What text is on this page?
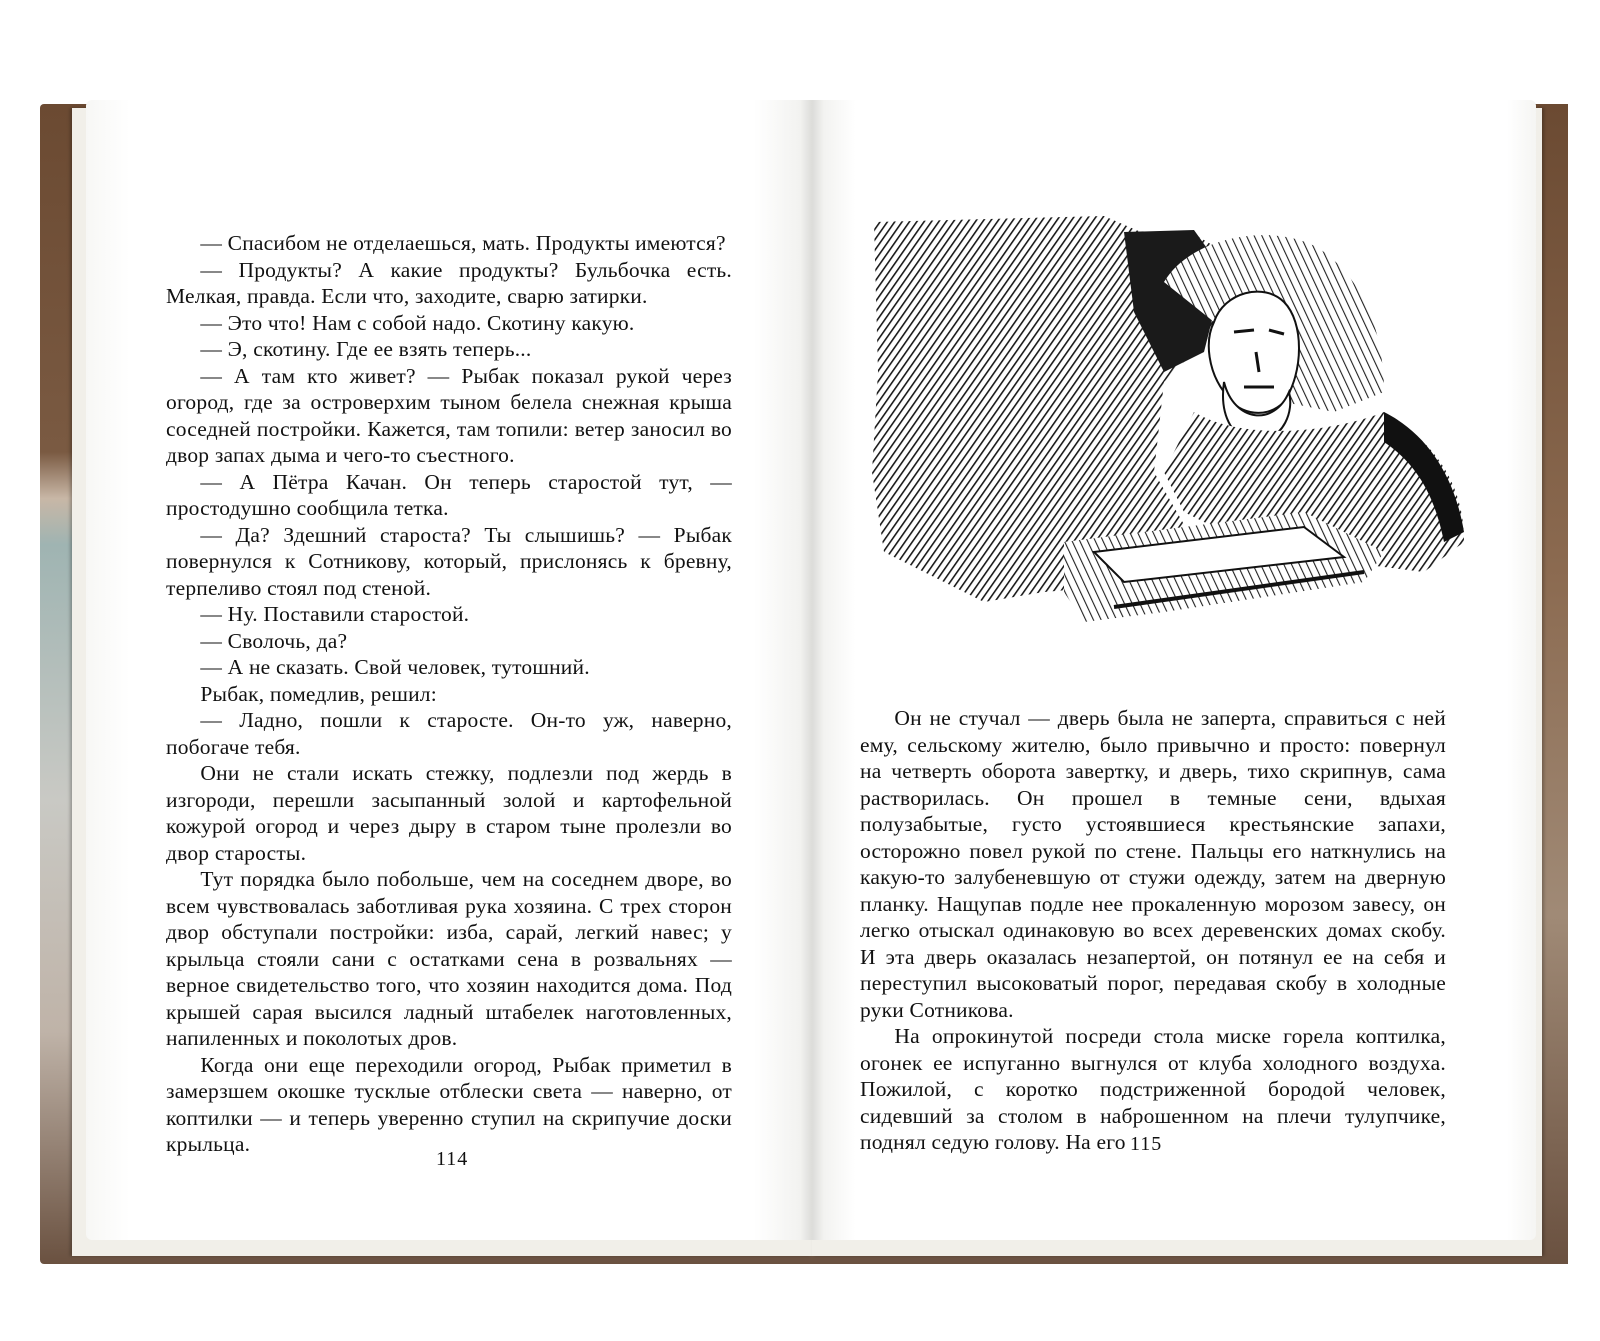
— Спасибом не отделаешься, мать. Продукты имеются?

— Продукты? А какие продукты? Бульбочка есть. Мелкая, правда. Если что, заходите, сварю затирки.

— Это что! Нам с собой надо. Скотину какую.

— Э, скотину. Где ее взять теперь...

— А там кто живет? — Рыбак показал рукой через огород, где за островерхим тыном белела снежная крыша соседней постройки. Кажется, там топили: ветер заносил во двор запах дыма и чего-то съестного.

— А Пётра Качан. Он теперь старостой тут, — простодушно сообщила тетка.

— Да? Здешний староста? Ты слышишь? — Рыбак повернулся к Сотникову, который, прислонясь к бревну, терпеливо стоял под стеной.

— Ну. Поставили старостой.

— Сволочь, да?

— А не сказать. Свой человек, тутошний.

Рыбак, помедлив, решил:

— Ладно, пошли к старосте. Он-то уж, наверно, побогаче тебя.

Они не стали искать стежку, подлезли под жердь в изгороди, перешли засыпанный золой и картофельной кожурой огород и через дыру в старом тыне пролезли во двор старосты.

Тут порядка было побольше, чем на соседнем дворе, во всем чувствовалась заботливая рука хозяина. С трех сторон двор обступали постройки: изба, сарай, легкий навес; у крыльца стояли сани с остатками сена в розвальнях — верное свидетельство того, что хозяин находится дома. Под крышей сарая высился ладный штабелек наготовленных, напиленных и поколотых дров.

Когда они еще переходили огород, Рыбак приметил в замерзшем окошке тусклые отблески света — наверно, от коптилки — и теперь уверенно ступил на скрипучие доски крыльца.

114

Он не стучал — дверь была не заперта, справиться с ней ему, сельскому жителю, было привычно и просто: повернул на четверть оборота завертку, и дверь, тихо скрипнув, сама растворилась. Он прошел в темные сени, вдыхая полузабытые, густо устоявшиеся крестьянские запахи, осторожно повел рукой по стене. Пальцы его наткнулись на какую-то залубеневшую от стужи одежду, затем на дверную планку. Нащупав подле нее прокаленную морозом завесу, он легко отыскал одинаковую во всех деревенских домах скобу. И эта дверь оказалась незапертой, он потянул ее на себя и переступил высоковатый порог, передавая скобу в холодные руки Сотникова.

На опрокинутой посреди стола миске горела коптилка, огонек ее испуганно выгнулся от клуба холодного воздуха. Пожилой, с коротко подстриженной бородой человек, сидевший за столом в наброшенном на плечи тулупчике, поднял седую голову. На его 115
